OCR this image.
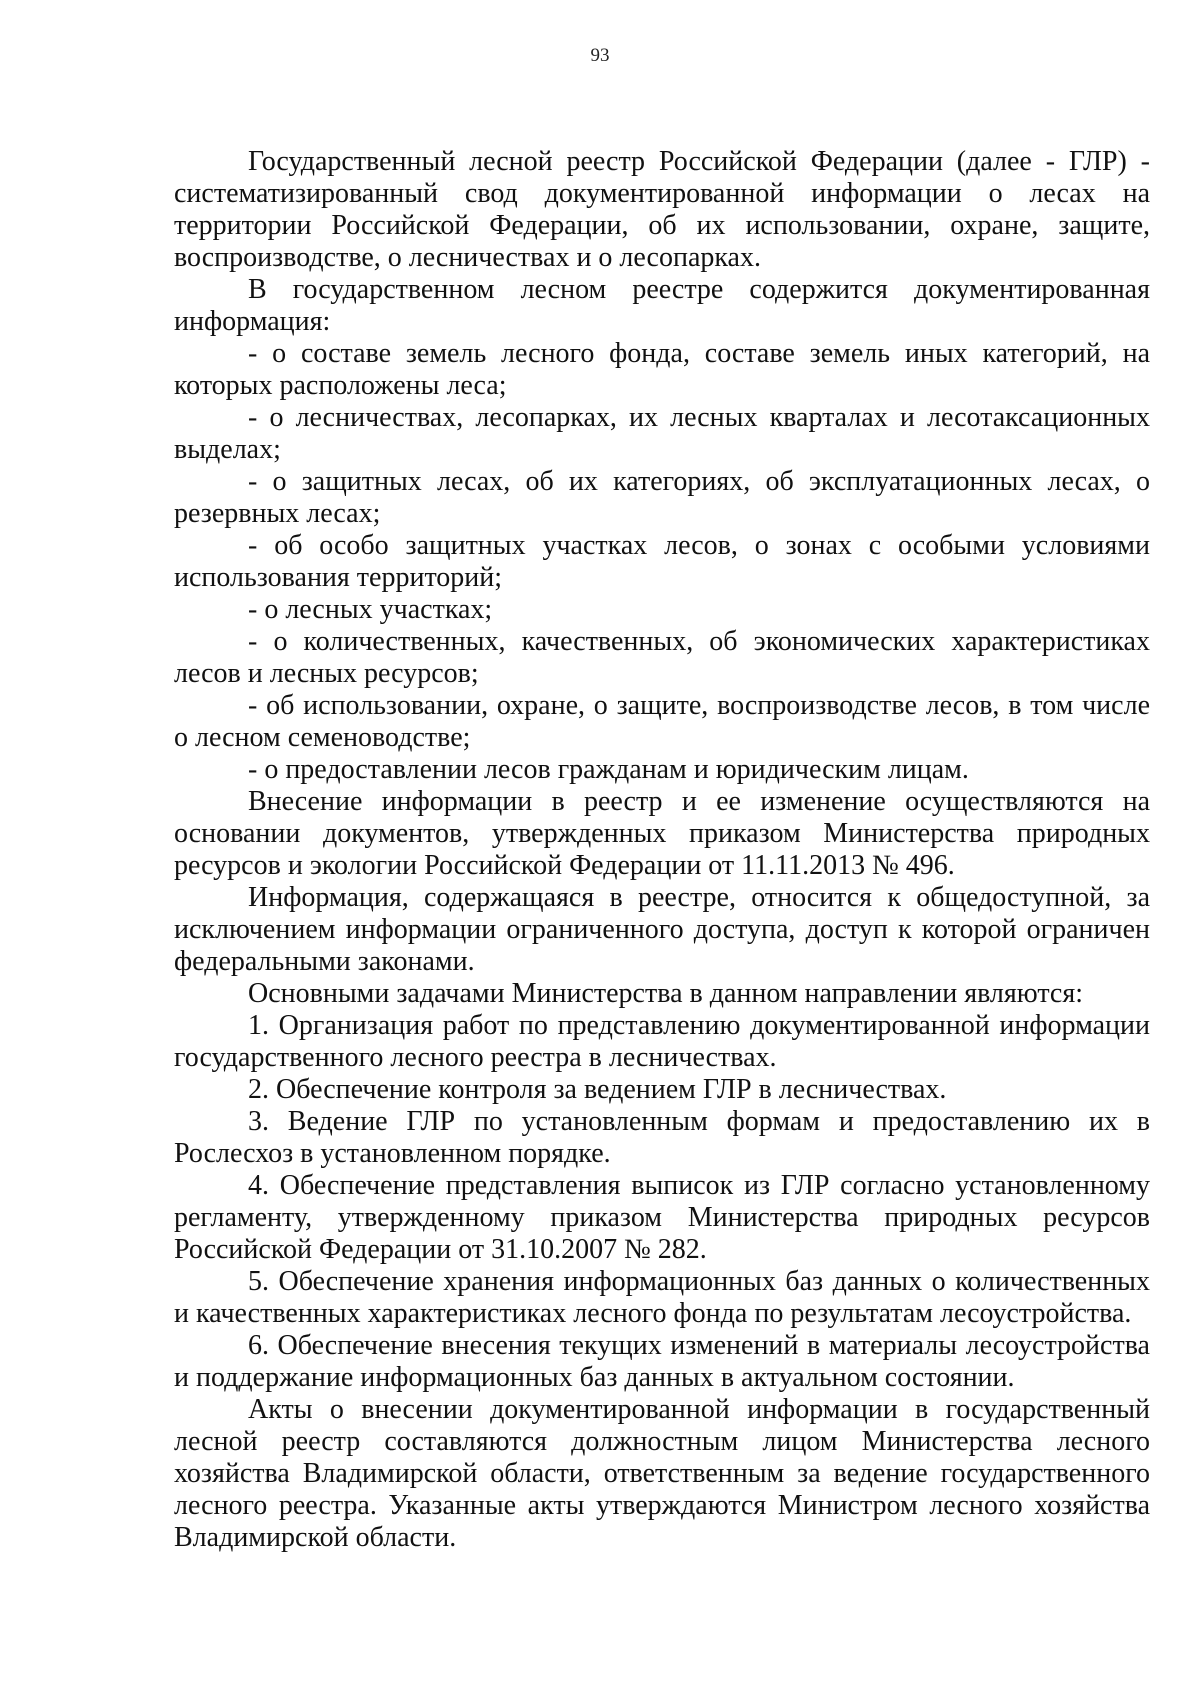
93

Государственный лесной реестр Российской Федерации (далее - ГЛР) - систематизированный свод документированной информации о лесах на территории Российской Федерации, об их использовании, охране, защите, воспроизводстве, о лесничествах и о лесопарках.

В государственном лесном реестре содержится документированная информация:

- о составе земель лесного фонда, составе земель иных категорий, на которых расположены леса;

- о лесничествах, лесопарках, их лесных кварталах и лесотаксационных выделах;

- о защитных лесах, об их категориях, об эксплуатационных лесах, о резервных лесах;

- об особо защитных участках лесов, о зонах с особыми условиями использования территорий;

- о лесных участках;

- о количественных, качественных, об экономических характеристиках лесов и лесных ресурсов;

- об использовании, охране, о защите, воспроизводстве лесов, в том числе о лесном семеноводстве;

- о предоставлении лесов гражданам и юридическим лицам.

Внесение информации в реестр и ее изменение осуществляются на основании документов, утвержденных приказом Министерства природных ресурсов и экологии Российской Федерации от 11.11.2013 № 496.

Информация, содержащаяся в реестре, относится к общедоступной, за исключением информации ограниченного доступа, доступ к которой ограничен федеральными законами.

Основными задачами Министерства в данном направлении являются:

1. Организация работ по представлению документированной информации государственного лесного реестра в лесничествах.

2. Обеспечение контроля за ведением ГЛР в лесничествах.

3. Ведение ГЛР по установленным формам и предоставлению их в Рослесхоз в установленном порядке.

4. Обеспечение представления выписок из ГЛР согласно установленному регламенту, утвержденному приказом Министерства природных ресурсов Российской Федерации от 31.10.2007 № 282.

5. Обеспечение хранения информационных баз данных о количественных и качественных характеристиках лесного фонда по результатам лесоустройства.

6. Обеспечение внесения текущих изменений в материалы лесоустройства и поддержание информационных баз данных в актуальном состоянии.

Акты о внесении документированной информации в государственный лесной реестр составляются должностным лицом Министерства лесного хозяйства Владимирской области, ответственным за ведение государственного лесного реестра. Указанные акты утверждаются Министром лесного хозяйства Владимирской области.
